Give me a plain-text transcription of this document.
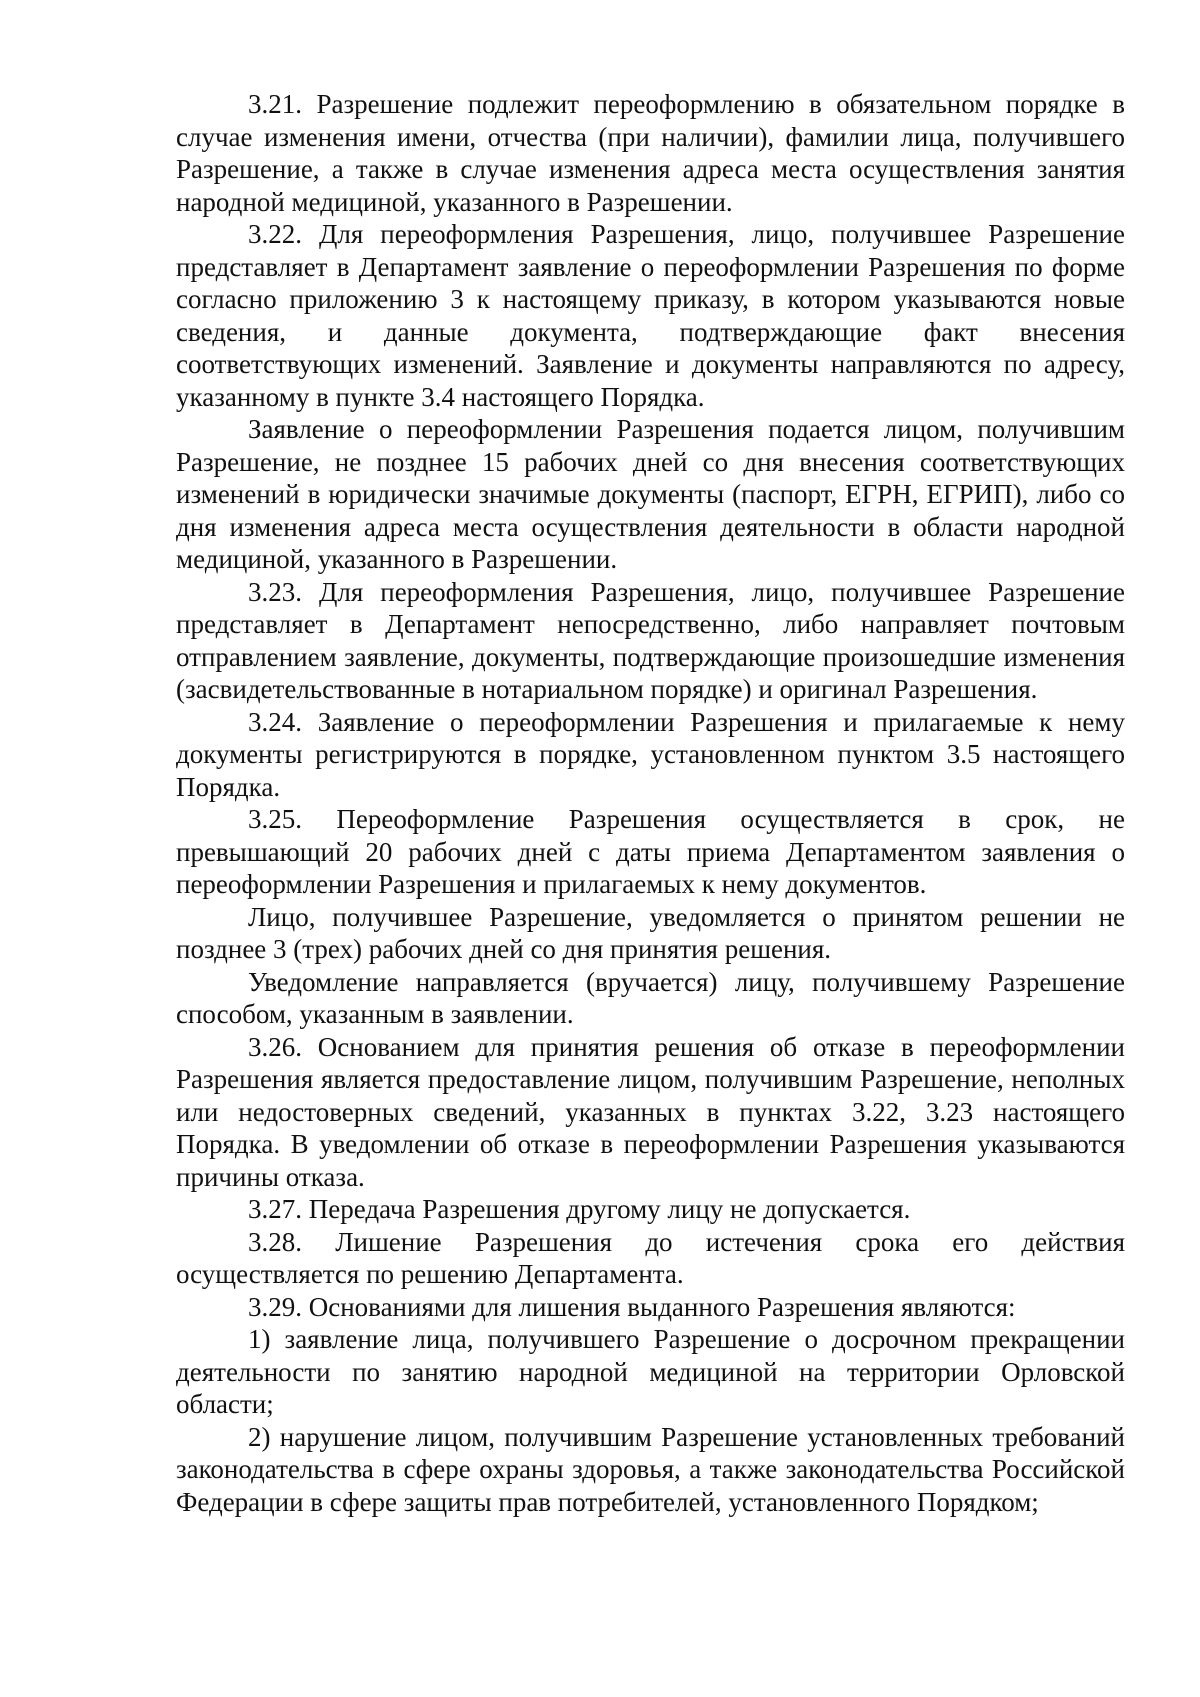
3.21. Разрешение подлежит переоформлению в обязательном порядке в случае изменения имени, отчества (при наличии), фамилии лица, получившего Разрешение, а также в случае изменения адреса места осуществления занятия народной медициной, указанного в Разрешении.

3.22. Для переоформления Разрешения, лицо, получившее Разрешение представляет в Департамент заявление о переоформлении Разрешения по форме согласно приложению 3 к настоящему приказу, в котором указываются новые сведения, и данные документа, подтверждающие факт внесения соответствующих изменений. Заявление и документы направляются по адресу, указанному в пункте 3.4 настоящего Порядка.

Заявление о переоформлении Разрешения подается лицом, получившим Разрешение, не позднее 15 рабочих дней со дня внесения соответствующих изменений в юридически значимые документы (паспорт, ЕГРН, ЕГРИП), либо со дня изменения адреса места осуществления деятельности в области народной медициной, указанного в Разрешении.

3.23. Для переоформления Разрешения, лицо, получившее Разрешение представляет в Департамент непосредственно, либо направляет почтовым отправлением заявление, документы, подтверждающие произошедшие изменения (засвидетельствованные в нотариальном порядке) и оригинал Разрешения.

3.24. Заявление о переоформлении Разрешения и прилагаемые к нему документы регистрируются в порядке, установленном пунктом 3.5 настоящего Порядка.

3.25. Переоформление Разрешения осуществляется в срок, не превышающий 20 рабочих дней с даты приема Департаментом заявления о переоформлении Разрешения и прилагаемых к нему документов.

Лицо, получившее Разрешение, уведомляется о принятом решении не позднее 3 (трех) рабочих дней со дня принятия решения.

Уведомление направляется (вручается) лицу, получившему Разрешение способом, указанным в заявлении.

3.26. Основанием для принятия решения об отказе в переоформлении Разрешения является предоставление лицом, получившим Разрешение, неполных или недостоверных сведений, указанных в пунктах 3.22, 3.23 настоящего Порядка. В уведомлении об отказе в переоформлении Разрешения указываются причины отказа.

3.27. Передача Разрешения другому лицу не допускается.

3.28. Лишение Разрешения до истечения срока его действия осуществляется по решению Департамента.

3.29. Основаниями для лишения выданного Разрешения являются:

1) заявление лица, получившего Разрешение о досрочном прекращении деятельности по занятию народной медициной на территории Орловской области;

2) нарушение лицом, получившим Разрешение установленных требований законодательства в сфере охраны здоровья, а также законодательства Российской Федерации в сфере защиты прав потребителей, установленного Порядком;
